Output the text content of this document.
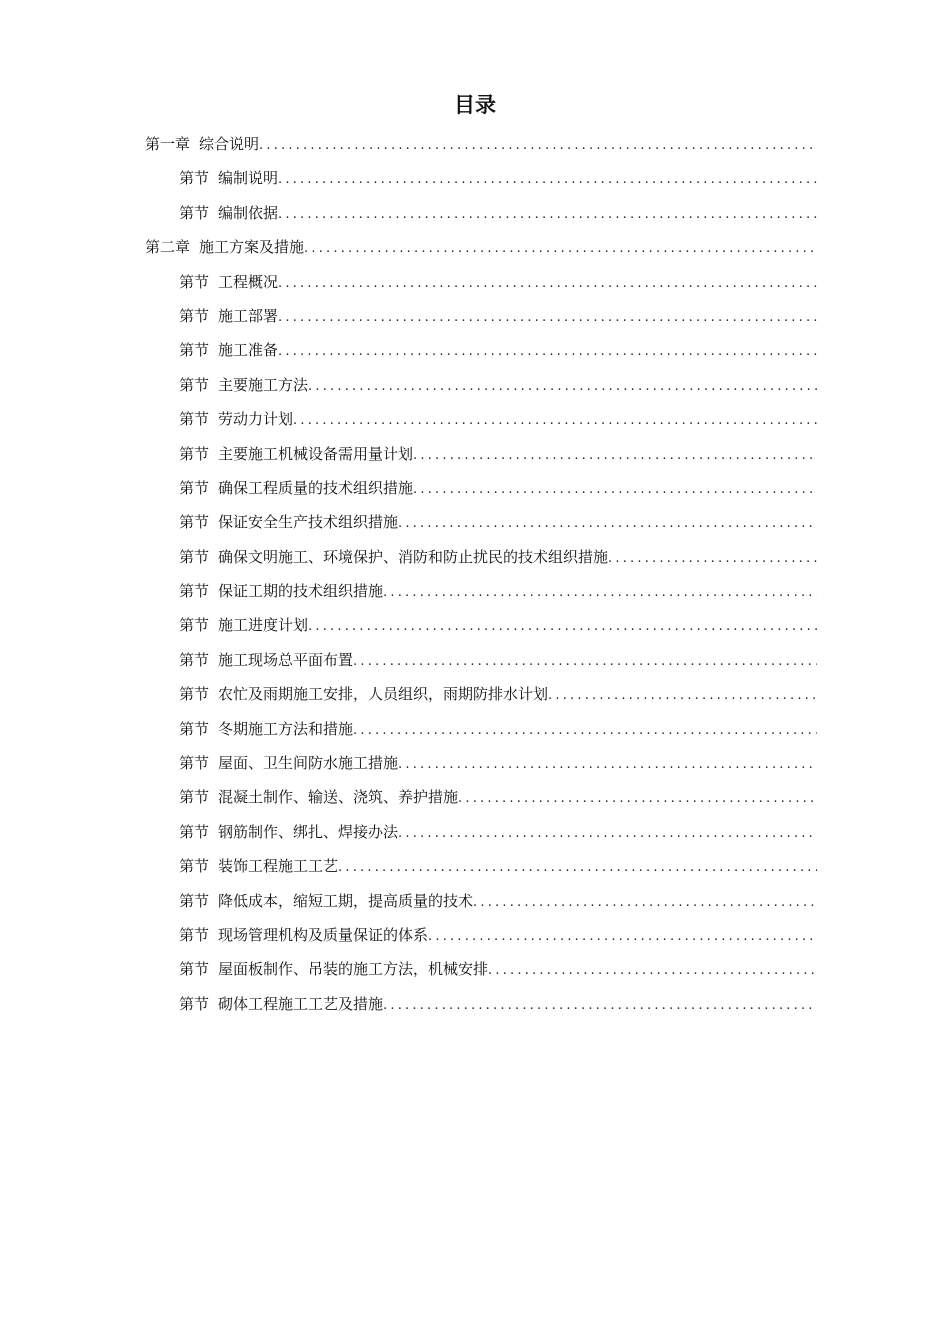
目录
第一章 综合说明
.....
第节 编制说明
.....
第节 编制依据
.....
第二章 施工方案及措施
.....
第节 工程概况
.....
第节 施工部署
.....
第节 施工准备
.....
第节 主要施工方法
.....
第节 劳动力计划
.....
第节 主要施工机械设备需用量计划
.....
第节 确保工程质量的技术组织措施
.....
第节 保证安全生产技术组织措施
.....
第节 确保文明施工、环境保护、消防和防止扰民的技术组织措施
.....
第节 保证工期的技术组织措施
.....
第节 施工进度计划
.....
第节 施工现场总平面布置
.....
第节 农忙及雨期施工安排，人员组织，雨期防排水计划
.....
第节 冬期施工方法和措施
.....
第节 屋面、卫生间防水施工措施
.....
第节 混凝土制作、输送、浇筑、养护措施
.....
第节 钢筋制作、绑扎、焊接办法
.....
第节 装饰工程施工工艺
.....
第节 降低成本，缩短工期，提高质量的技术
.....
第节 现场管理机构及质量保证的体系
.....
第节 屋面板制作、吊装的施工方法，机械安排
.....
第节 砌体工程施工工艺及措施
.....
